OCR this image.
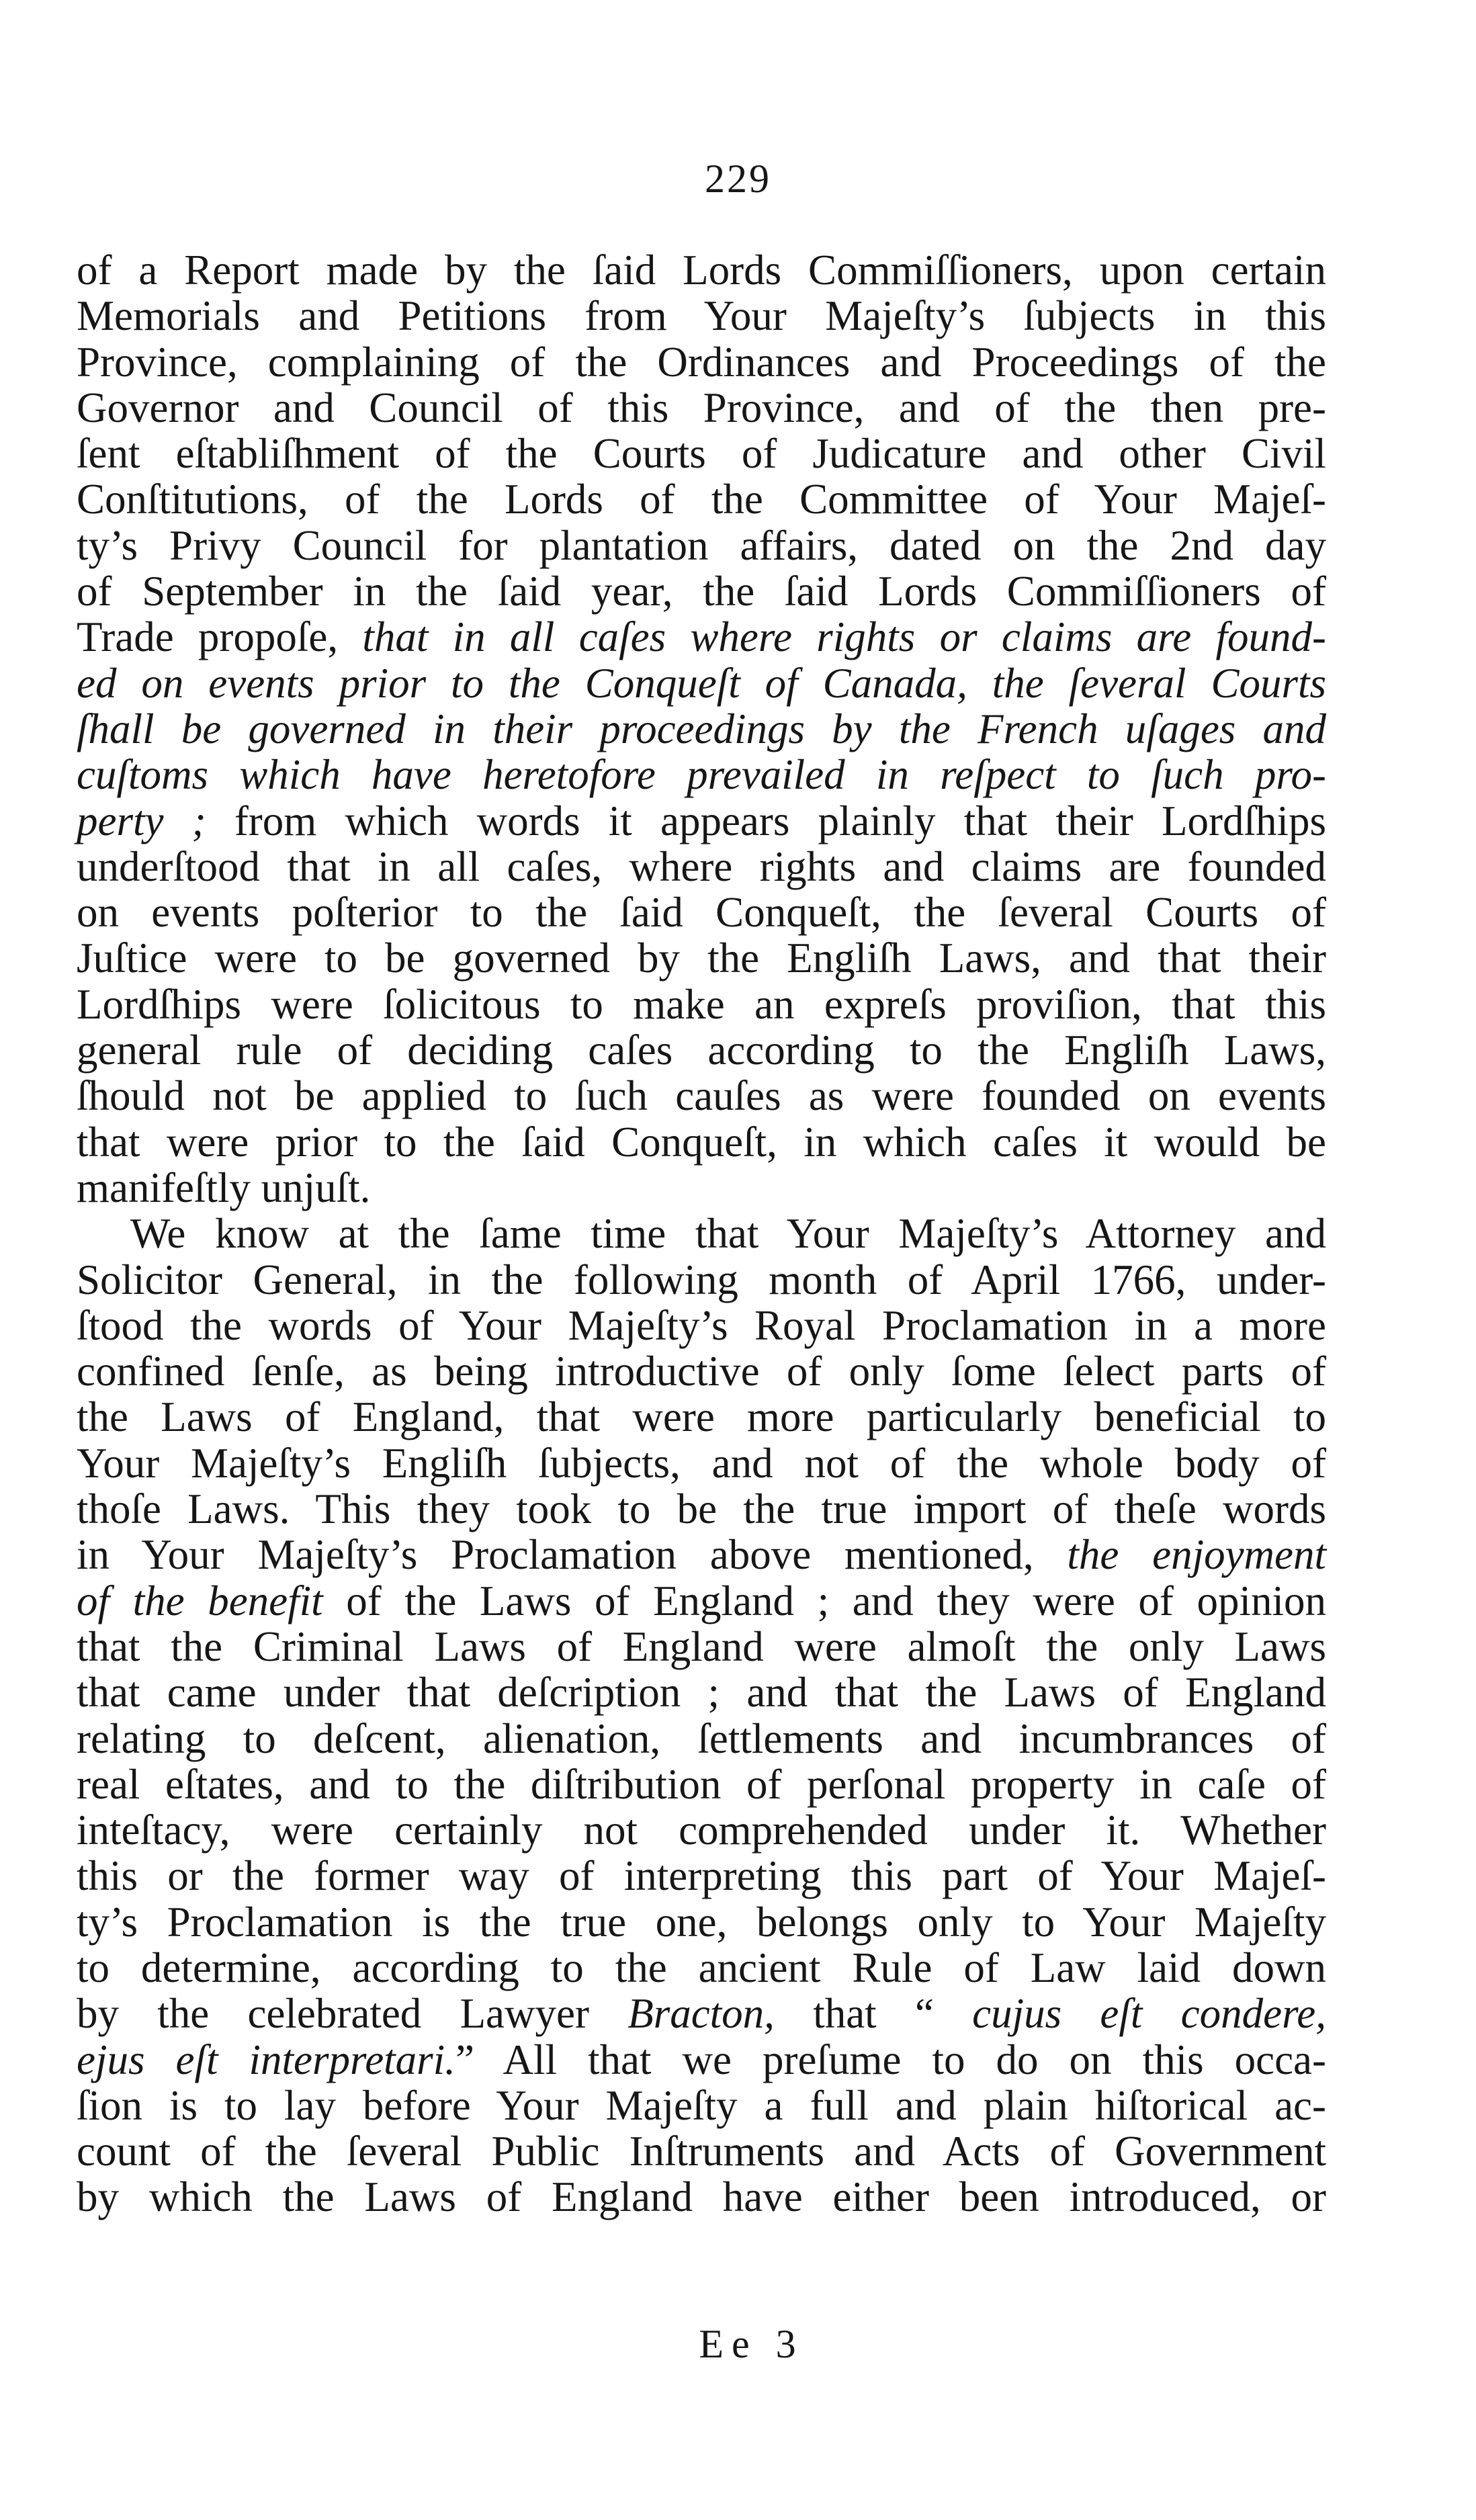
229
of a Report made by the ſaid Lords Commiſſioners, upon certain
Memorials and Petitions from Your Majeſty’s ſubjects in this
Province, complaining of the Ordinances and Proceedings of the
Governor and Council of this Province, and of the then pre-
ſent eſtabliſhment of the Courts of Judicature and other Civil
Conſtitutions, of the Lords of the Committee of Your Majeſ-
ty’s Privy Council for plantation affairs, dated on the 2nd day
of September in the ſaid year, the ſaid Lords Commiſſioners of
Trade propoſe, that in all caſes where rights or claims are found-
ed on events prior to the Conqueſt of Canada, the ſeveral Courts
ſhall be governed in their proceedings by the French uſages and
cuſtoms which have heretofore prevailed in reſpect to ſuch pro-
perty ; from which words it appears plainly that their Lordſhips
underſtood that in all caſes, where rights and claims are founded
on events poſterior to the ſaid Conqueſt, the ſeveral Courts of
Juſtice were to be governed by the Engliſh Laws, and that their
Lordſhips were ſolicitous to make an expreſs proviſion, that this
general rule of deciding caſes according to the Engliſh Laws,
ſhould not be applied to ſuch cauſes as were founded on events
that were prior to the ſaid Conqueſt, in which caſes it would be
manifeſtly unjuſt.
We know at the ſame time that Your Majeſty’s Attorney and
Solicitor General, in the following month of April 1766, under-
ſtood the words of Your Majeſty’s Royal Proclamation in a more
confined ſenſe, as being introductive of only ſome ſelect parts of
the Laws of England, that were more particularly beneficial to
Your Majeſty’s Engliſh ſubjects, and not of the whole body of
thoſe Laws. This they took to be the true import of theſe words
in Your Majeſty’s Proclamation above mentioned, the enjoyment
of the benefit of the Laws of England ; and they were of opinion
that the Criminal Laws of England were almoſt the only Laws
that came under that deſcription ; and that the Laws of England
relating to deſcent, alienation, ſettlements and incumbrances of
real eſtates, and to the diſtribution of perſonal property in caſe of
inteſtacy, were certainly not comprehended under it. Whether
this or the former way of interpreting this part of Your Majeſ-
ty’s Proclamation is the true one, belongs only to Your Majeſty
to determine, according to the ancient Rule of Law laid down
by the celebrated Lawyer Bracton, that “ cujus eſt condere,
ejus eſt interpretari.” All that we preſume to do on this occa-
ſion is to lay before Your Majeſty a full and plain hiſtorical ac-
count of the ſeveral Public Inſtruments and Acts of Government
by which the Laws of England have either been introduced, or
Ee 3
